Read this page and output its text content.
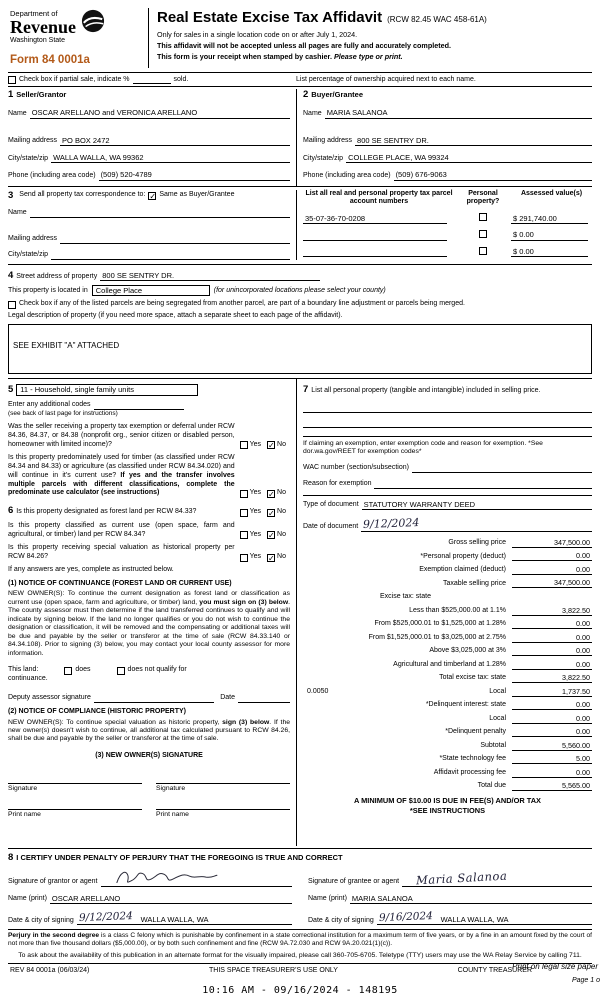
Department of
Revenue
Washington State
Form 84 0001a
Real Estate Excise Tax Affidavit (RCW 82.45 WAC 458-61A)
Only for sales in a single location code on or after July 1, 2024.
This affidavit will not be accepted unless all pages are fully and accurately completed.
This form is your receipt when stamped by cashier. Please type or print.
Check box if partial sale, indicate %	sold.	List percentage of ownership acquired next to each name.
1 Seller/Grantor
Name OSCAR ARELLANO and VERONICA ARELLANO
Mailing address PO BOX 2472
City/state/zip WALLA WALLA, WA 99362
Phone (including area code) (509) 520-4789
2 Buyer/Grantee
Name MARIA SALANOA
Mailing address 800 SE SENTRY DR.
City/state/zip COLLEGE PLACE, WA 99324
Phone (including area code) (509) 676-9063
3 Send all property tax correspondence to: ✓ Same as Buyer/Grantee
Name
Mailing address
City/state/zip
List all real and personal property tax parcel account numbers
Personal property?
Assessed value(s)
35-07-36-70-0208	$ 291,740.00
$ 0.00
$ 0.00
4 Street address of property 800 SE SENTRY DR.
This property is located in College Place	(for unincorporated locations please select your county)
Check box if any of the listed parcels are being segregated from another parcel, are part of a boundary line adjustment or parcels being merged.
Legal description of property (if you need more space, attach a separate sheet to each page of the affidavit).
SEE EXHIBIT "A" ATTACHED
5 11 - Household, single family units
Enter any additional codes
(see back of last page for instructions)
Was the seller receiving a property tax exemption or deferral under RCW 84.36, 84.37, or 84.38 (nonprofit org., senior citizen or disabled person, homeowner with limited income)?	Yes ✓ No
Is this property predominately used for timber (as classified under RCW 84.34 and 84.33) or agriculture (as classified under RCW 84.34.020) and will continue in it's current use? If yes and the transfer involves multiple parcels with different classifications, complete the predominate use calculator (see instructions)	Yes ✓ No
6 Is this property designated as forest land per RCW 84.33?	Yes ✓ No
Is this property classified as current use (open space, farm and agricultural, or timber) land per RCW 84.34?	Yes ✓ No
Is this property receiving special valuation as historical property per RCW 84.26?	Yes ✓ No
If any answers are yes, complete as instructed below.
(1) NOTICE OF CONTINUANCE (FOREST LAND OR CURRENT USE)
NEW OWNER(S): To continue the current designation as forest land or classification as current use (open space, farm and agriculture, or timber) land, you must sign on (3) below. The county assessor must then determine if the land transferred continues to qualify and will indicate by signing below. If the land no longer qualifies or you do not wish to continue the designation or classification, it will be removed and the compensating or additional taxes will be due and payable by the seller or transferor at the time of sale (RCW 84.33.140 or 84.34.108). Prior to signing (3) below, you may contact your local county assessor for more information.
This land:	does	does not qualify for
continuance.
Deputy assessor signature	Date
(2) NOTICE OF COMPLIANCE (HISTORIC PROPERTY)
NEW OWNER(S): To continue special valuation as historic property, sign (3) below. If the new owner(s) doesn't wish to continue, all additional tax calculated pursuant to RCW 84.26, shall be due and payable by the seller or transferor at the time of sale.
(3) NEW OWNER(S) SIGNATURE
Signature	Signature
Print name	Print name
7 List all personal property (tangible and intangible) included in selling price.
If claiming an exemption, enter exemption code and reason for exemption. *See dor.wa.gov/REET for exemption codes*
WAC number (section/subsection)
Reason for exemption
Type of document STATUTORY WARRANTY DEED
Date of document 9/12/2024
Gross selling price	347,500.00
*Personal property (deduct)	0.00
Exemption claimed (deduct)	0.00
Taxable selling price	347,500.00
Excise tax: state
Less than $525,000.00 at 1.1%	3,822.50
From $525,000.01 to $1,525,000 at 1.28%	0.00
From $1,525,000.01 to $3,025,000 at 2.75%	0.00
Above $3,025,000 at 3%	0.00
Agricultural and timberland at 1.28%	0.00
Total excise tax: state	3,822.50
0.0050	Local	1,737.50
*Delinquent interest: state	0.00
Local	0.00
*Delinquent penalty	0.00
Subtotal	5,560.00
*State technology fee	5.00
Affidavit processing fee	0.00
Total due	5,565.00
A MINIMUM OF $10.00 IS DUE IN FEE(S) AND/OR TAX
*SEE INSTRUCTIONS
8 I CERTIFY UNDER PENALTY OF PERJURY THAT THE FOREGOING IS TRUE AND CORRECT
Signature of grantor or agent
Name (print) OSCAR ARELLANO
Date & city of signing 9/12/2024 WALLA WALLA, WA
Signature of grantee or agent Maria Salanoa
Name (print) MARIA SALANOA
Date & city of signing 9/16/2024 WALLA WALLA, WA
Perjury in the second degree is a class C felony which is punishable by confinement in a state correctional institution for a maximum term of five years, or by a fine in an amount fixed by the court of not more than five thousand dollars ($5,000.00), or by both such confinement and fine (RCW 9A.72.030 and RCW 9A.20.021(1)(c)).
To ask about the availability of this publication in an alternate format for the visually impaired, please call 360-705-6705. Teletype (TTY) users may use the WA Relay Service by calling 711.
REV 84 0001a (06/03/24)	THIS SPACE TREASURER'S USE ONLY	COUNTY TREASURER
10:16 AM - 09/16/2024 - 148195
Print on legal size paper
Page 1 o
